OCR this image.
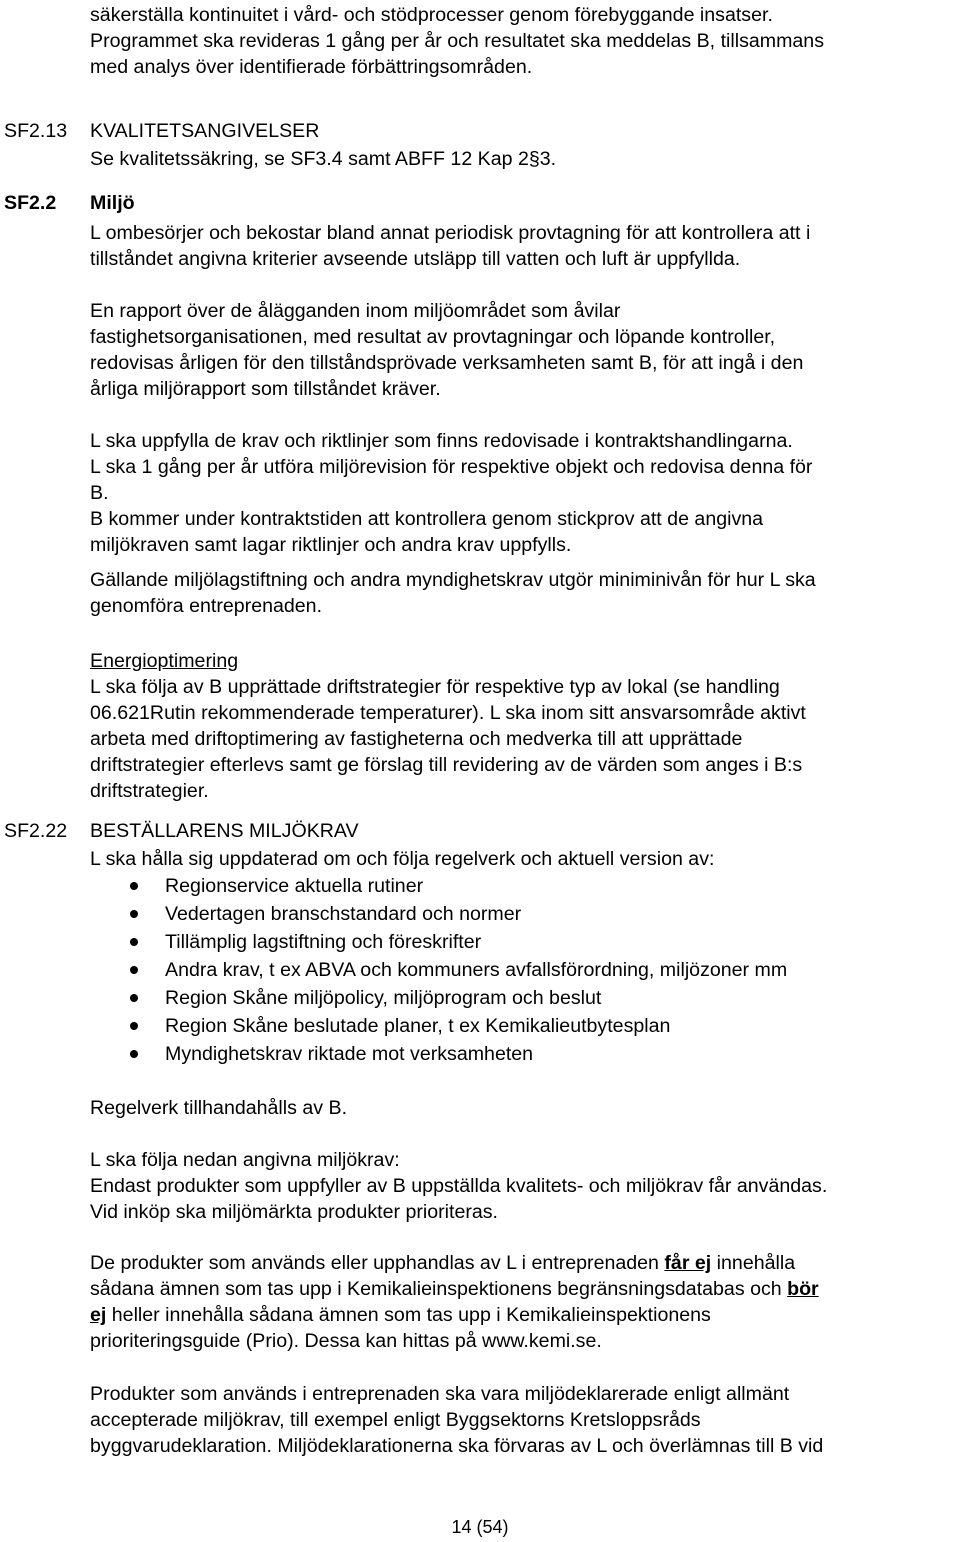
säkerställa kontinuitet i vård- och stödprocesser genom förebyggande insatser.
Programmet ska revideras 1 gång per år och resultatet ska meddelas B, tillsammans
med analys över identifierade förbättringsområden.
SF2.13 KVALITETSANGIVELSER
Se kvalitetssäkring, se SF3.4 samt ABFF 12 Kap 2§3.
SF2.2 Miljö
L ombesörjer och bekostar bland annat periodisk provtagning för att kontrollera att i
tillståndet angivna kriterier avseende utsläpp till vatten och luft är uppfyllda.
En rapport över de ålägganden inom miljöområdet som åvilar
fastighetsorganisationen, med resultat av provtagningar och löpande kontroller,
redovisas årligen för den tillståndsprövade verksamheten samt B, för att ingå i den
årliga miljörapport som tillståndet kräver.
L ska uppfylla de krav och riktlinjer som finns redovisade i kontraktshandlingarna.
L ska 1 gång per år utföra miljörevision för respektive objekt och redovisa denna för
B.
B kommer under kontraktstiden att kontrollera genom stickprov att de angivna
miljökraven samt lagar riktlinjer och andra krav uppfylls.
Gällande miljölagstiftning och andra myndighetskrav utgör miniminivån för hur L ska
genomföra entreprenaden.
Energioptimering
L ska följa av B upprättade driftstrategier för respektive typ av lokal (se handling
06.621Rutin rekommenderade temperaturer). L ska inom sitt ansvarsområde aktivt
arbeta med driftoptimering av fastigheterna och medverka till att upprättade
driftstrategier efterlevs samt ge förslag till revidering av de värden som anges i B:s
driftstrategier.
SF2.22 BESTÄLLARENS MILJÖKRAV
L ska hålla sig uppdaterad om och följa regelverk och aktuell version av:
Regionservice aktuella rutiner
Vedertagen branschstandard och normer
Tillämplig lagstiftning och föreskrifter
Andra krav, t ex ABVA och kommuners avfallsförordning, miljözoner mm
Region Skåne miljöpolicy, miljöprogram och beslut
Region Skåne beslutade planer, t ex Kemikalieutbytesplan
Myndighetskrav riktade mot verksamheten
Regelverk tillhandahålls av B.
L ska följa nedan angivna miljökrav:
Endast produkter som uppfyller av B uppställda kvalitets- och miljökrav får användas.
Vid inköp ska miljömärkta produkter prioriteras.
De produkter som används eller upphandlas av L i entreprenaden får ej innehålla
sådana ämnen som tas upp i Kemikalieinspektionens begränsningsdatabas och bör
ej heller innehålla sådana ämnen som tas upp i Kemikalieinspektionens
prioriteringsguide (Prio). Dessa kan hittas på www.kemi.se.
Produkter som används i entreprenaden ska vara miljödeklarerade enligt allmänt
accepterade miljökrav, till exempel enligt Byggsektorns Kretsloppsråds
byggvarudeklaration. Miljödeklarationerna ska förvaras av L och överlämnas till B vid
14 (54)
